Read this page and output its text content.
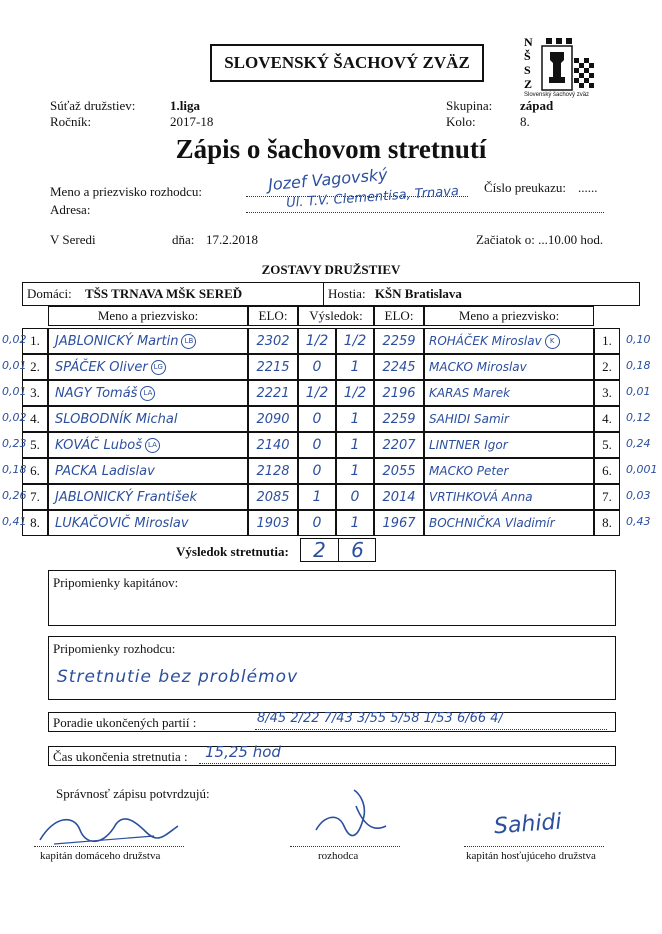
SLOVENSKÝ ŠACHOVÝ ZVÄZ
N
Š
S
Z
Slovenský šachový zväz
Súťaž družstiev:	1.liga
Ročník:	2017-18
Skupina: západ
Kolo:	8.
Zápis o šachovom stretnutí
Meno a priezvisko rozhodcu:	Jozef Vagovský	Číslo preukazu: ......
Adresa:	Ul. T.V. Clementisa, Trnava
V Seredi	dňa: 17.2.2018	Začiatok o: ...10.00 hod.
ZOSTAVY DRUŽSTIEV
Domáci: TŠS TRNAVA MŠK SEREĎ	Hostia: KŠN Bratislava
Meno a priezvisko:	ELO:	Výsledok:	ELO:	Meno a priezvisko:
1. JABLONICKÝ Martin LB	2302 1/2 1/2 2259 ROHÁČEK Miroslav	K	1.
0,02	0,10
2. SPÁČEK Oliver LG	2215 0 1 2245 MACKO Miroslav	2.
0,01	0,18
3. NAGY Tomáš LA	2221 1/2 1/2 2196 KARAS Marek	3.
0,01	0,01
4. SLOBODNÍK Michal	2090 0 1 2259 SAHIDI Samir	4.
0,02	0,12
5. KOVÁČ Luboš LA	2140 0 1 2207 LINTNER Igor	5.
0,23	0,24
6. PACKA Ladislav	2128 0 1 2055 MACKO Peter	6.
0,18	0,001
7. JABLONICKÝ František	2085 1 0 2014 VRTIHKOVÁ Anna	7.
0,26	0,03
8. LUKAČOVIČ Miroslav	1903 0 1 1967 BOCHNIČKA Vladimír	8.
0,41	0,43
Výsledok stretnutia:	2	6
Pripomienky kapitánov:
Pripomienky rozhodcu:
Stretnutie bez problémov
Poradie ukončených partií :	8/45 2/22 7/43 3/55 5/58 1/53 6/66 4/
Čas ukončenia stretnutia : 15,25 hod
Správnosť zápisu potvrdzujú:
kapitán domáceho družstva	rozhodca
Sahidi
kapitán hosťujúceho družstva
